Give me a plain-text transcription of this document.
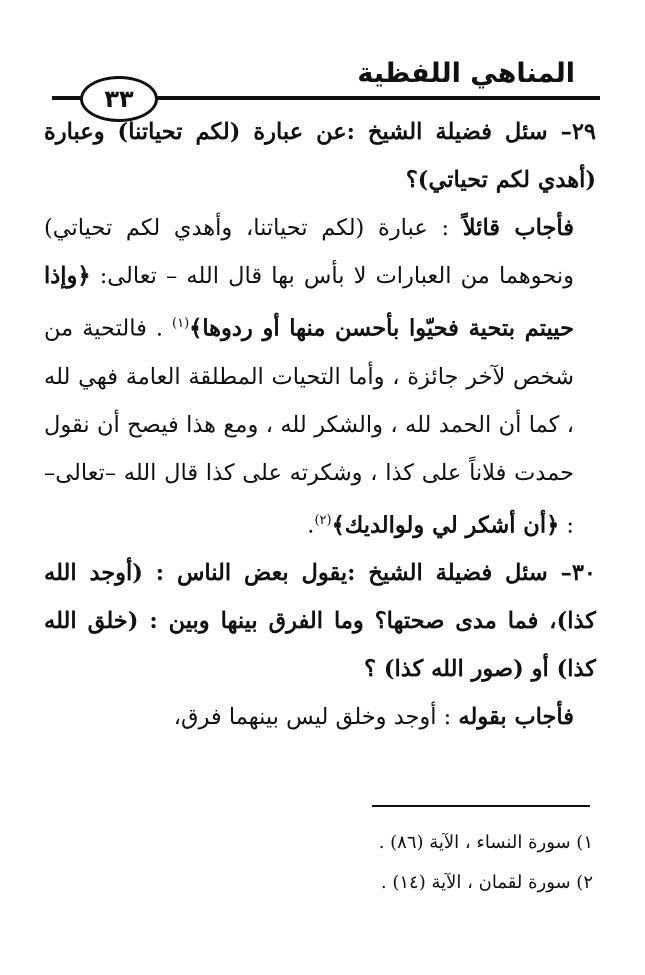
المناهي اللفظية
٣٣

٢٩– سئل فضيلة الشيخ :عن عبارة (لكم تحياتنا) وعبارة (أهدي لكم تحياتي)؟

فأجاب قائلاً : عبارة (لكم تحياتنا، وأهدي لكم تحياتي) ونحوهما من العبارات لا بأس بها قال الله – تعالى: ﴿وإذا حييتم بتحية فحيّوا بأحسن منها أو ردوها﴾$^{(١)}$ . فالتحية من شخص لآخر جائزة ، وأما التحيات المطلقة العامة فهي لله ، كما أن الحمد لله ، والشكر لله ، ومع هذا فيصح أن نقول حمدت فلاناً على كذا ، وشكرته على كذا قال الله –تعالى– : ﴿أن أشكر لي ولوالديك﴾$^{(٢)}$.

٣٠– سئل فضيلة الشيخ :يقول بعض الناس : (أوجد الله كذا)، فما مدى صحتها؟ وما الفرق بينها وبين : (خلق الله كذا) أو (صور الله كذا) ؟

فأجاب بقوله : أوجد وخلق ليس بينهما فرق،

١) سورة النساء ، الآية (٨٦) .
٢) سورة لقمان ، الآية (١٤) .
